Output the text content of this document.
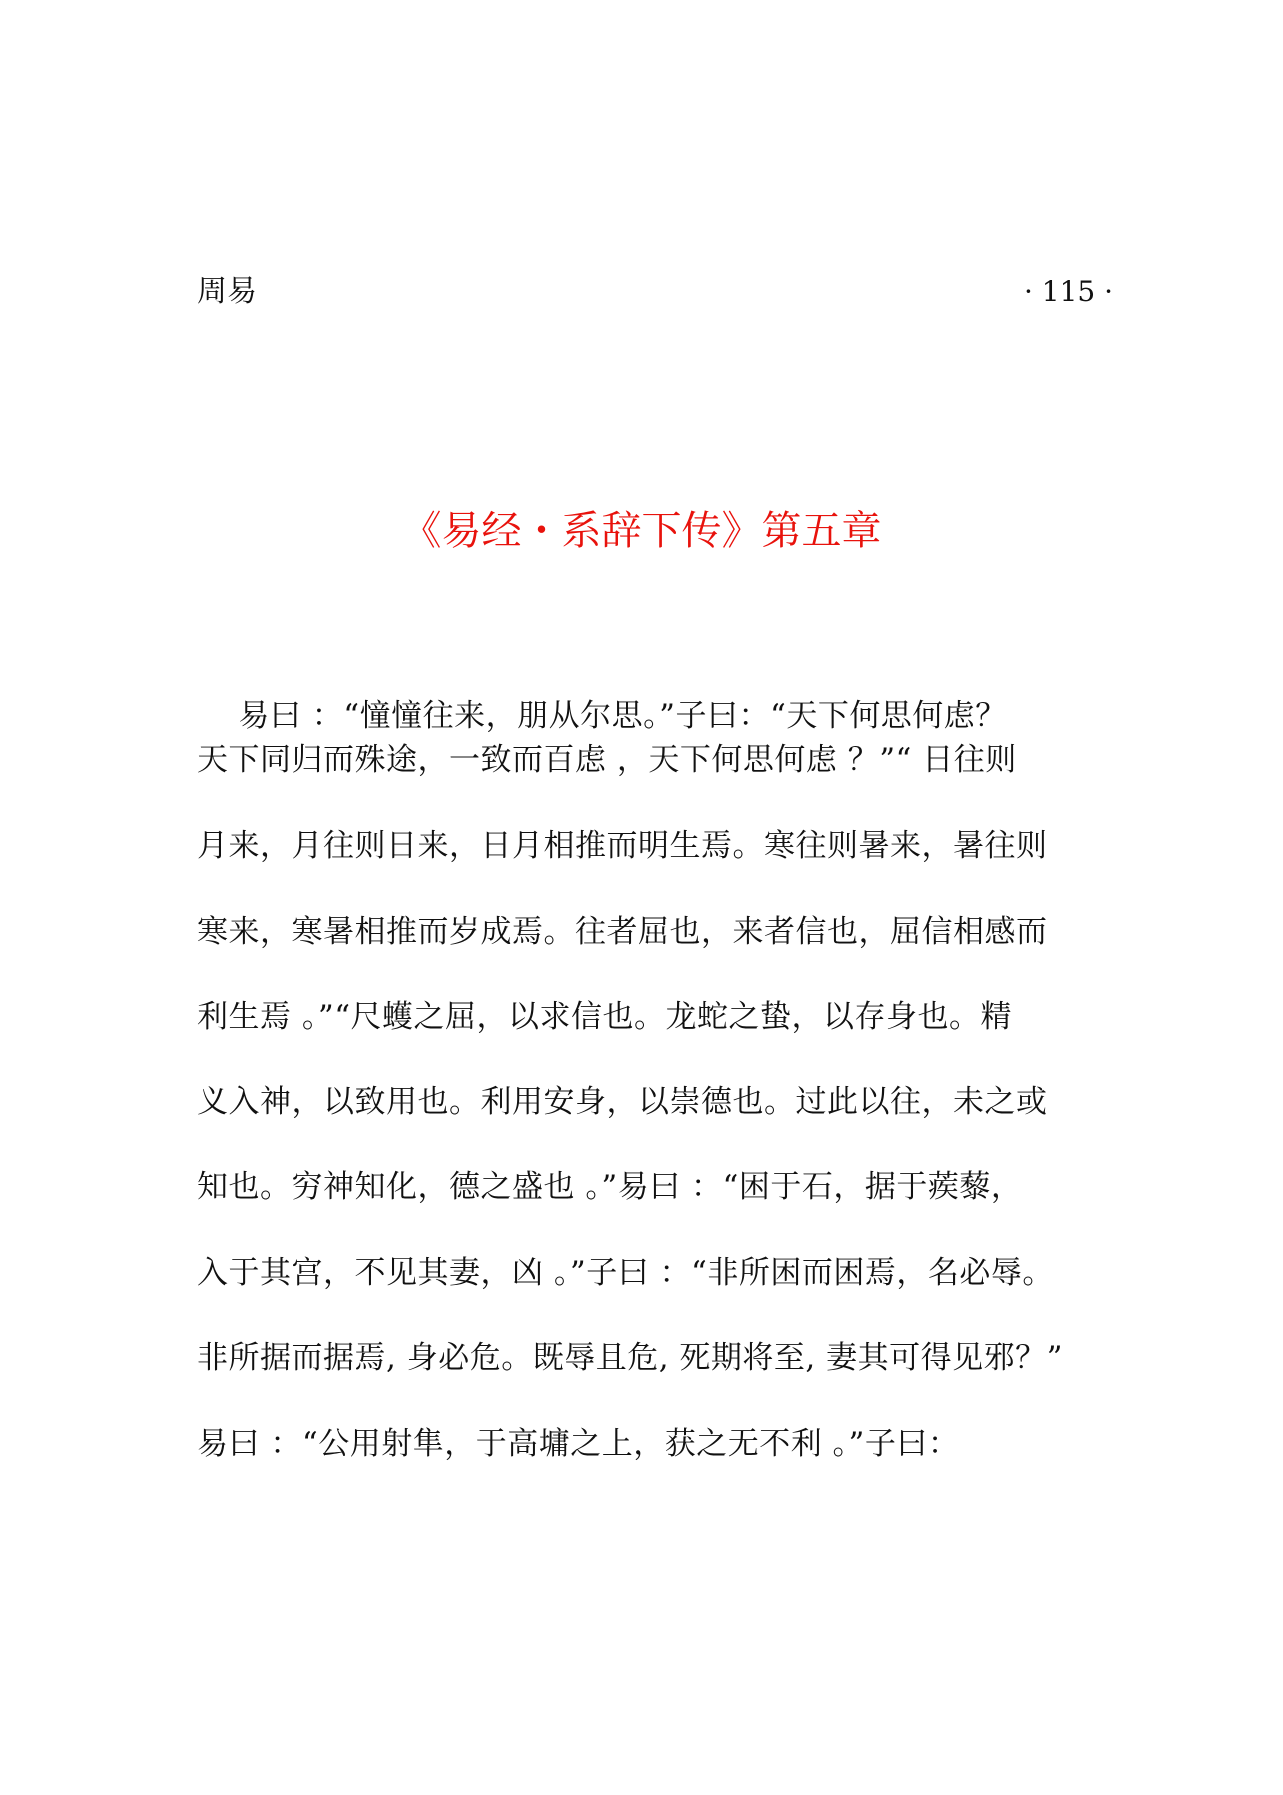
周易	· 115 ·
《易经・系辞下传》第五章
易曰 ：“憧憧往来，朋从尔思。”子曰：“天下何思何虑？
天下同归而殊途，一致而百虑 ，天下何思何虑 ？”“ 日往则
月来，月往则日来，日月相推而明生焉。寒往则暑来，暑往则
寒来，寒暑相推而岁成焉。往者屈也，来者信也，屈信相感而
利生焉 。”“尺蠖之屈，以求信也。龙蛇之蛰，以存身也。精
义入神，以致用也。利用安身，以崇德也。过此以往，未之或
知也。穷神知化，德之盛也 。”易曰 ：“困于石，据于蒺藜，
入于其宫，不见其妻，凶 。”子曰 ：“非所困而困焉，名必辱。
非所据而据焉, 身必危。既辱且危, 死期将至, 妻其可得见邪？”
易曰 ：“公用射隼，于高墉之上，获之无不利 。”子曰：
